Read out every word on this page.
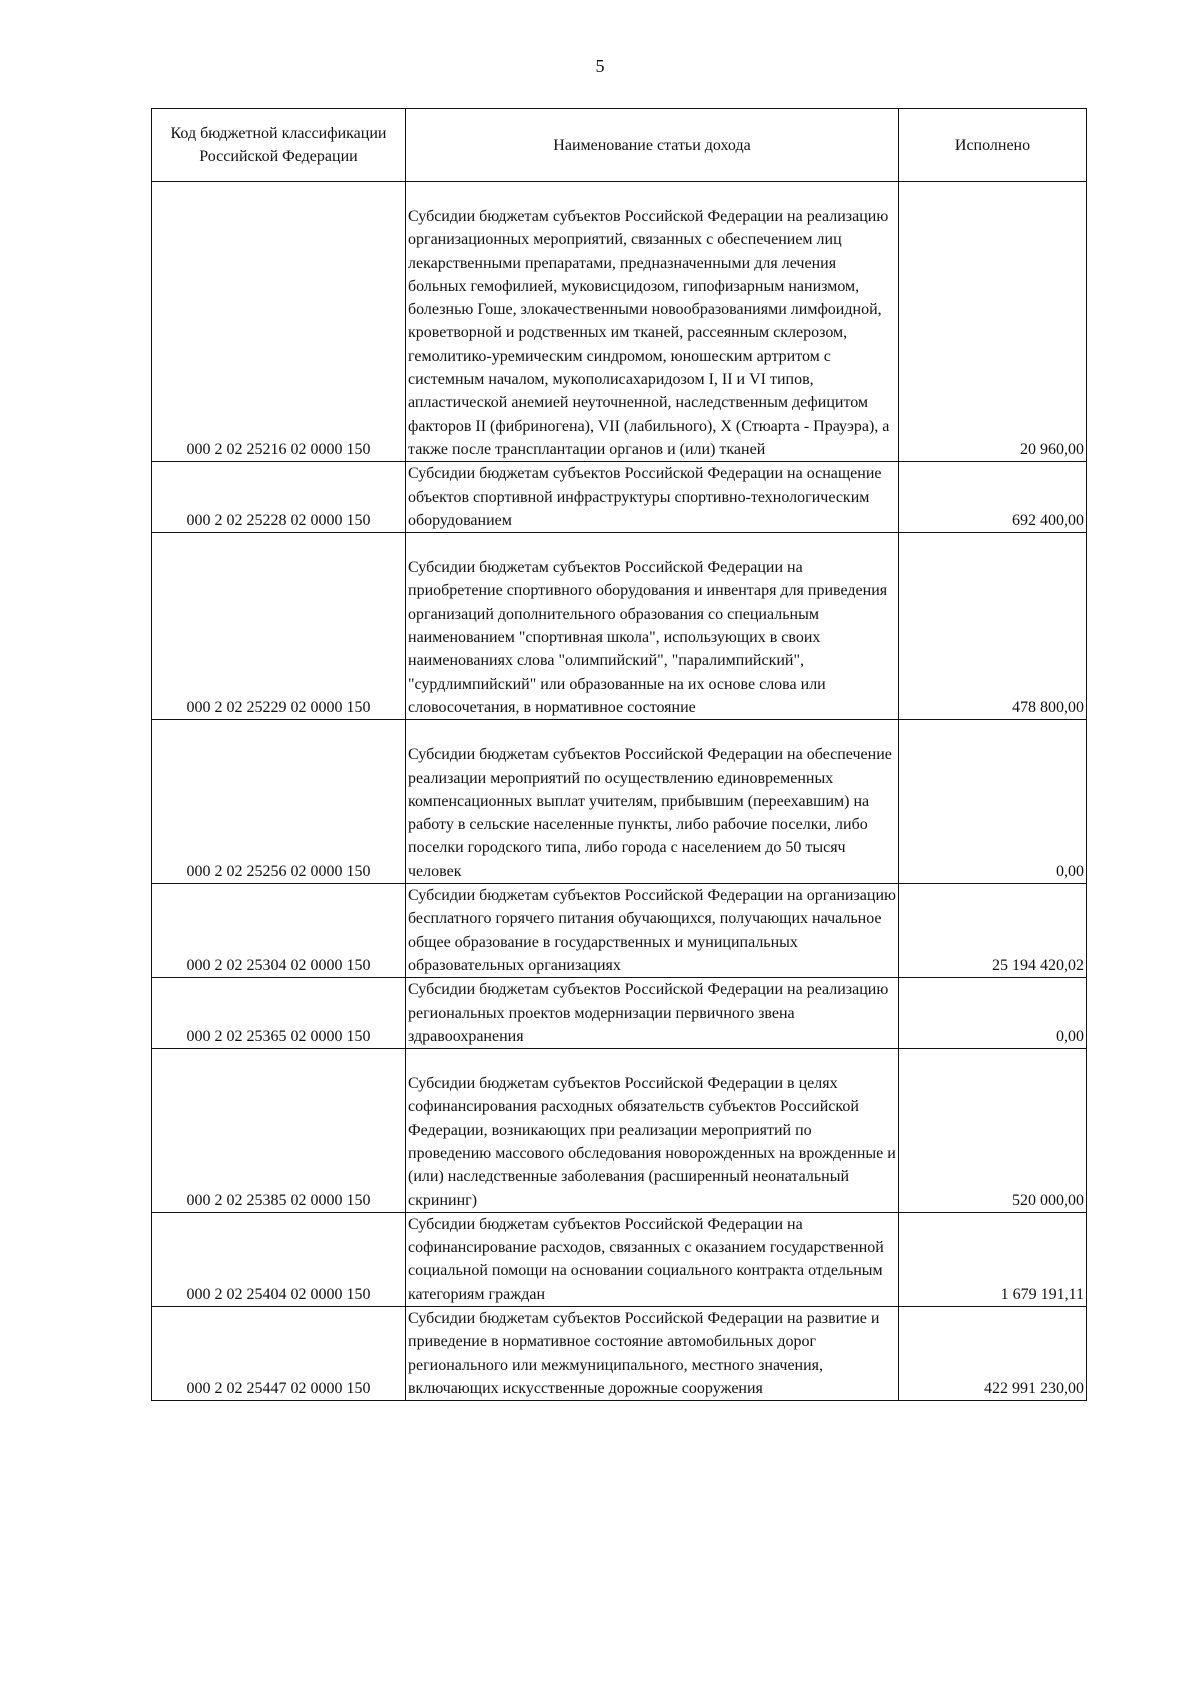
5
Код бюджетной классификации Российской Федерации	Наименование статьи дохода	Исполнено
000 2 02 25216 02 0000 150	Субсидии бюджетам субъектов Российской Федерации на реализацию организационных мероприятий, связанных с обеспечением лиц лекарственными препаратами, предназначенными для лечения больных гемофилией, муковисцидозом, гипофизарным нанизмом, болезнью Гоше, злокачественными новообразованиями лимфоидной, кроветворной и родственных им тканей, рассеянным склерозом, гемолитико-уремическим синдромом, юношеским артритом с системным началом, мукополисахаридозом I, II и VI типов, апластической анемией неуточненной, наследственным дефицитом факторов II (фибриногена), VII (лабильного), X (Стюарта - Прауэра), а также после трансплантации органов и (или) тканей	20 960,00
000 2 02 25228 02 0000 150	Субсидии бюджетам субъектов Российской Федерации на оснащение объектов спортивной инфраструктуры спортивно-технологическим оборудованием	692 400,00
000 2 02 25229 02 0000 150	Субсидии бюджетам субъектов Российской Федерации на приобретение спортивного оборудования и инвентаря для приведения организаций дополнительного образования со специальным наименованием "спортивная школа", использующих в своих наименованиях слова "олимпийский", "паралимпийский", "сурдлимпийский" или образованные на их основе слова или словосочетания, в нормативное состояние	478 800,00
000 2 02 25256 02 0000 150	Субсидии бюджетам субъектов Российской Федерации на обеспечение реализации мероприятий по осуществлению единовременных компенсационных выплат учителям, прибывшим (переехавшим) на работу в сельские населенные пункты, либо рабочие поселки, либо поселки городского типа, либо города с населением до 50 тысяч человек	0,00
000 2 02 25304 02 0000 150	Субсидии бюджетам субъектов Российской Федерации на организацию бесплатного горячего питания обучающихся, получающих начальное общее образование в государственных и муниципальных образовательных организациях	25 194 420,02
000 2 02 25365 02 0000 150	Субсидии бюджетам субъектов Российской Федерации на реализацию региональных проектов модернизации первичного звена здравоохранения	0,00
000 2 02 25385 02 0000 150	Субсидии бюджетам субъектов Российской Федерации в целях софинансирования расходных обязательств субъектов Российской Федерации, возникающих при реализации мероприятий по проведению массового обследования новорожденных на врожденные и (или) наследственные заболевания (расширенный неонатальный скрининг)	520 000,00
000 2 02 25404 02 0000 150	Субсидии бюджетам субъектов Российской Федерации на софинансирование расходов, связанных с оказанием государственной социальной помощи на основании социального контракта отдельным категориям граждан	1 679 191,11
000 2 02 25447 02 0000 150	Субсидии бюджетам субъектов Российской Федерации на развитие и приведение в нормативное состояние автомобильных дорог регионального или межмуниципального, местного значения, включающих искусственные дорожные сооружения	422 991 230,00
